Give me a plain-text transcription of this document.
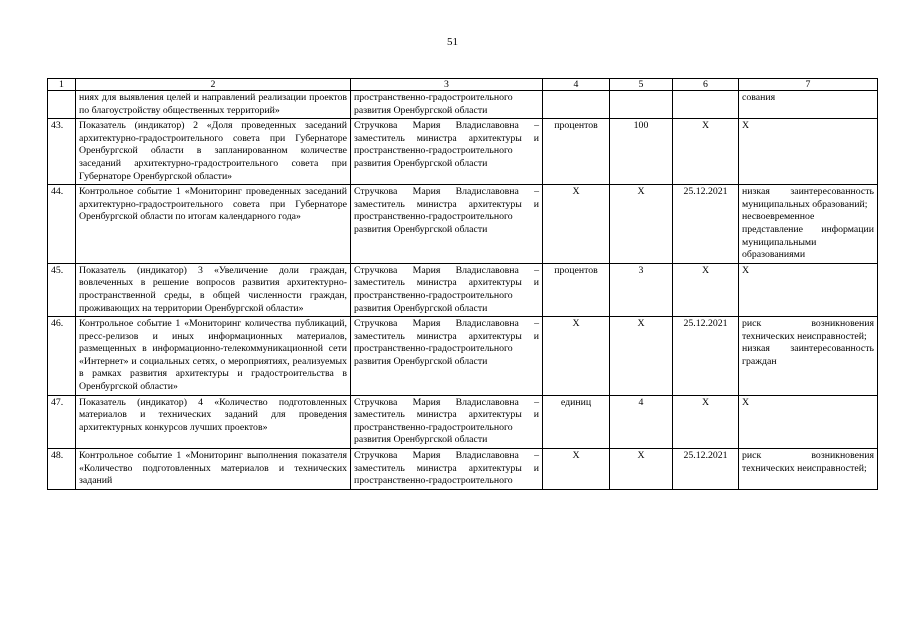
51
1	2	3	4	5	6	7
	ниях для выявления целей и направлений реализации проектов по благоустройству общественных территорий»	пространственно-градостроительного развития Оренбургской области				сования

43.	Показатель (индикатор) 2 «Доля проведенных заседаний архитектурно-градостроительного совета при Губернаторе Оренбургской области в запланированном количестве заседаний архитектурно-градостроительного совета при Губернаторе Оренбургской области»	Стручкова Мария Владиславовна – заместитель министра архитектуры и пространственно-градостроительного развития Оренбургской области	процентов	100	Х	Х

44.	Контрольное событие 1 «Мониторинг проведенных заседаний архитектурно-градостроительного совета при Губернаторе Оренбургской области по итогам календарного года»	Стручкова Мария Владиславовна – заместитель министра архитектуры и пространственно-градостроительного развития Оренбургской области	Х	Х	25.12.2021	низкая заинтересованность муниципальных образований;
несвоевременное представление информации муниципальными образованиями

45.	Показатель (индикатор) 3 «Увеличение доли граждан, вовлеченных в решение вопросов развития архитектурно-пространственной среды, в общей численности граждан, проживающих на территории Оренбургской области»	Стручкова Мария Владиславовна – заместитель министра архитектуры и пространственно-градостроительного развития Оренбургской области	процентов	3	Х	Х

46.	Контрольное событие 1 «Мониторинг количества публикаций, пресс-релизов и иных информационных материалов, размещенных в информационно-телекоммуникационной сети «Интернет» и социальных сетях, о мероприятиях, реализуемых в рамках развития архитектуры и градостроительства в Оренбургской области»	Стручкова Мария Владиславовна – заместитель министра архитектуры и пространственно-градостроительного развития Оренбургской области	Х	Х	25.12.2021	риск возникновения технических неисправностей;
низкая заинтересованность граждан

47.	Показатель (индикатор) 4 «Количество подготовленных материалов и технических заданий для проведения архитектурных конкурсов лучших проектов»	Стручкова Мария Владиславовна – заместитель министра архитектуры и пространственно-градостроительного развития Оренбургской области	единиц	4	Х	Х

48.	Контрольное событие 1 «Мониторинг выполнения показателя «Количество подготовленных материалов и технических заданий	Стручкова Мария Владиславовна – заместитель министра архитектуры и пространственно-градостроительного	Х	Х	25.12.2021	риск возникновения технических неисправностей;
